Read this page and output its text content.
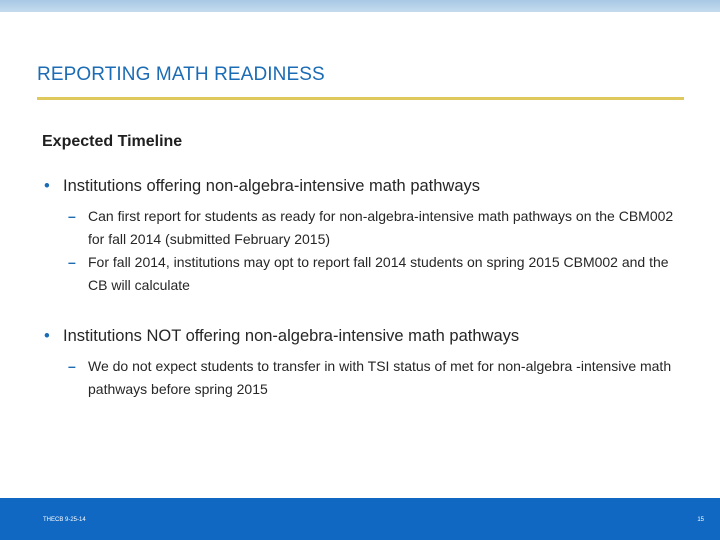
REPORTING MATH READINESS
Expected Timeline
• Institutions offering non-algebra-intensive math pathways
– Can first report for students as ready for non-algebra-intensive math pathways on the CBM002 for fall 2014 (submitted February 2015)
– For fall 2014, institutions may opt to report fall 2014 students on spring 2015 CBM002 and the CB will calculate
• Institutions NOT offering non-algebra-intensive math pathways
– We do not expect students to transfer in with TSI status of met for non-algebra -intensive math pathways before spring 2015
THECB 9-25-14	15
